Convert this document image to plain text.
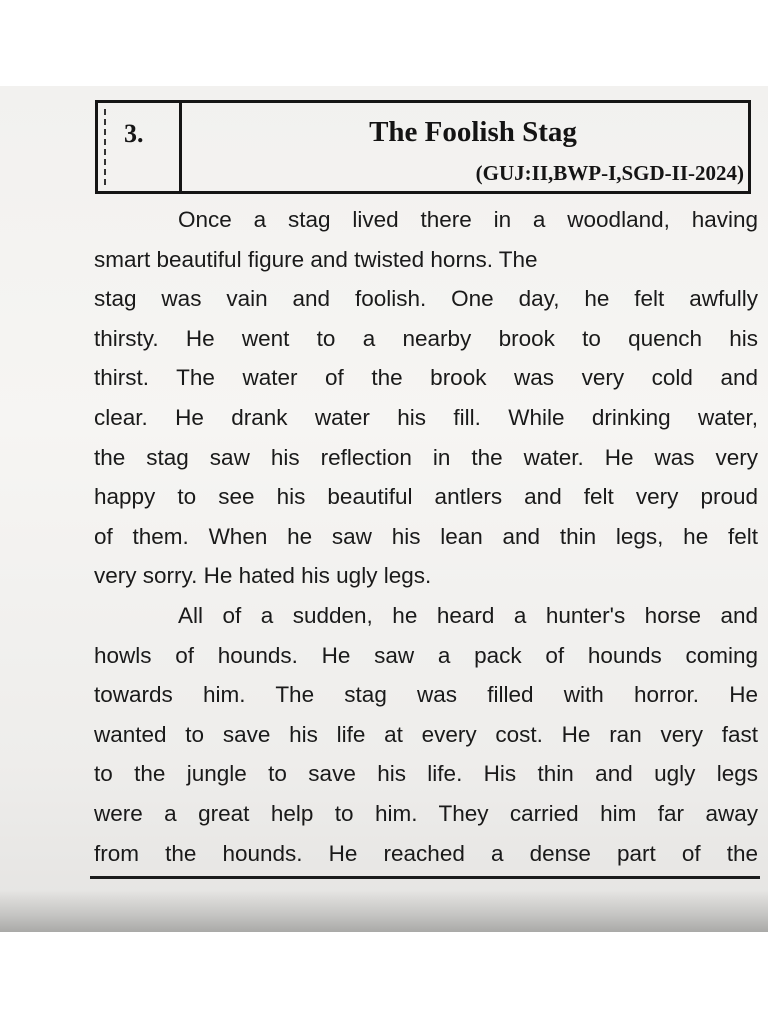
3.	The Foolish Stag
(GUJ:II,BWP-I,SGD-II-2024)
Once a stag lived there in a woodland, having
smart beautiful figure and twisted horns. The
stag was vain and foolish. One day, he felt awfully
thirsty. He went to a nearby brook to quench his
thirst. The water of the brook was very cold and
clear. He drank water his fill. While drinking water,
the stag saw his reflection in the water. He was very
happy to see his beautiful antlers and felt very proud
of them. When he saw his lean and thin legs, he felt
very sorry. He hated his ugly legs.
All of a sudden, he heard a hunter's horse and
howls of hounds. He saw a pack of hounds coming
towards him. The stag was filled with horror. He
wanted to save his life at every cost. He ran very fast
to the jungle to save his life. His thin and ugly legs
were a great help to him. They carried him far away
from the hounds. He reached a dense part of the
